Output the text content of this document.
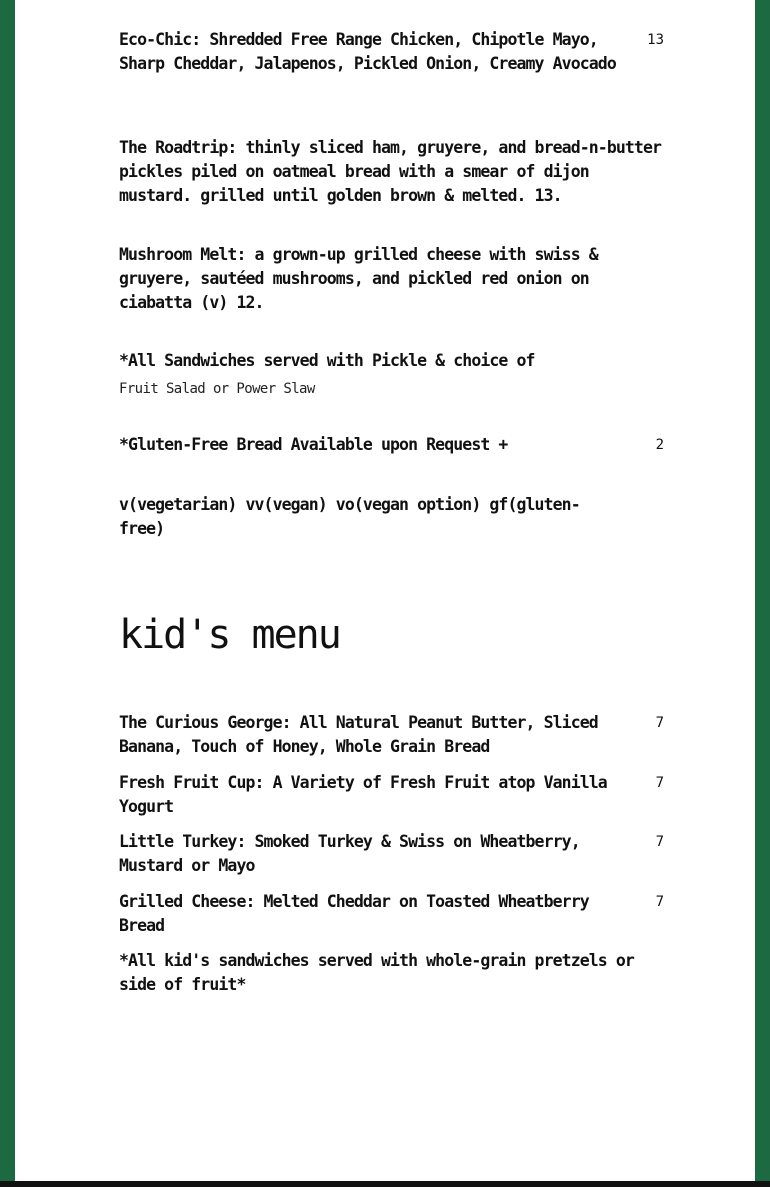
Eco-Chic: Shredded Free Range Chicken, Chipotle Mayo, Sharp Cheddar, Jalapenos, Pickled Onion, Creamy Avocado
13
The Roadtrip: thinly sliced ham, gruyere, and bread-n-butter pickles piled on oatmeal bread with a smear of dijon mustard. grilled until golden brown & melted. 13.
Mushroom Melt: a grown-up grilled cheese with swiss & gruyere, sautéed mushrooms, and pickled red onion on ciabatta (v) 12.
*All Sandwiches served with Pickle & choice of
Fruit Salad or Power Slaw
*Gluten-Free Bread Available upon Request +	2
v(vegetarian) vv(vegan) vo(vegan option) gf(gluten-free)
kid's menu
The Curious George: All Natural Peanut Butter, Sliced Banana, Touch of Honey, Whole Grain Bread
7
Fresh Fruit Cup: A Variety of Fresh Fruit atop Vanilla Yogurt
7
Little Turkey: Smoked Turkey & Swiss on Wheatberry, Mustard or Mayo
7
Grilled Cheese: Melted Cheddar on Toasted Wheatberry Bread
7
*All kid's sandwiches served with whole-grain pretzels or side of fruit*
